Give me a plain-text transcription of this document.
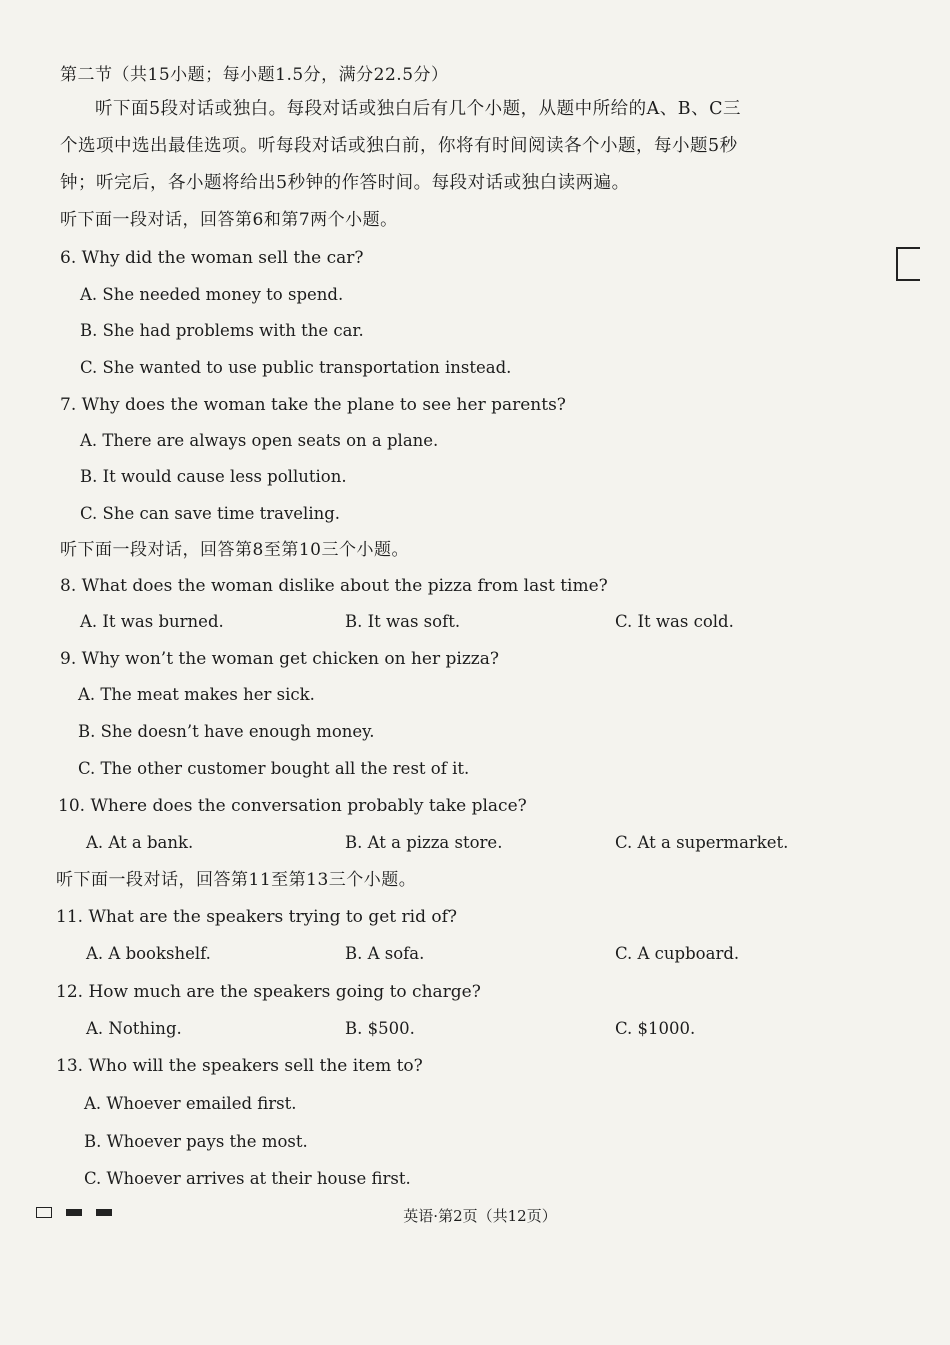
第二节（共15小题；每小题1.5分，满分22.5分）
听下面5段对话或独白。每段对话或独白后有几个小题，从题中所给的A、B、C三
个选项中选出最佳选项。听每段对话或独白前，你将有时间阅读各个小题，每小题5秒
钟；听完后，各小题将给出5秒钟的作答时间。每段对话或独白读两遍。
听下面一段对话，回答第6和第7两个小题。
6. Why did the woman sell the car?
A. She needed money to spend.
B. She had problems with the car.
C. She wanted to use public transportation instead.
7. Why does the woman take the plane to see her parents?
A. There are always open seats on a plane.
B. It would cause less pollution.
C. She can save time traveling.
听下面一段对话，回答第8至第10三个小题。
8. What does the woman dislike about the pizza from last time?
A. It was burned.	B. It was soft.	C. It was cold.
9. Why won’t the woman get chicken on her pizza?
A. The meat makes her sick.
B. She doesn’t have enough money.
C. The other customer bought all the rest of it.
10. Where does the conversation probably take place?
A. At a bank.	B. At a pizza store.	C. At a supermarket.
听下面一段对话，回答第11至第13三个小题。
11. What are the speakers trying to get rid of?
A. A bookshelf.	B. A sofa.	C. A cupboard.
12. How much are the speakers going to charge?
A. Nothing.	B. $500.	C. $1000.
13. Who will the speakers sell the item to?
A. Whoever emailed first.
B. Whoever pays the most.
C. Whoever arrives at their house first.
英语·第2页（共12页）
